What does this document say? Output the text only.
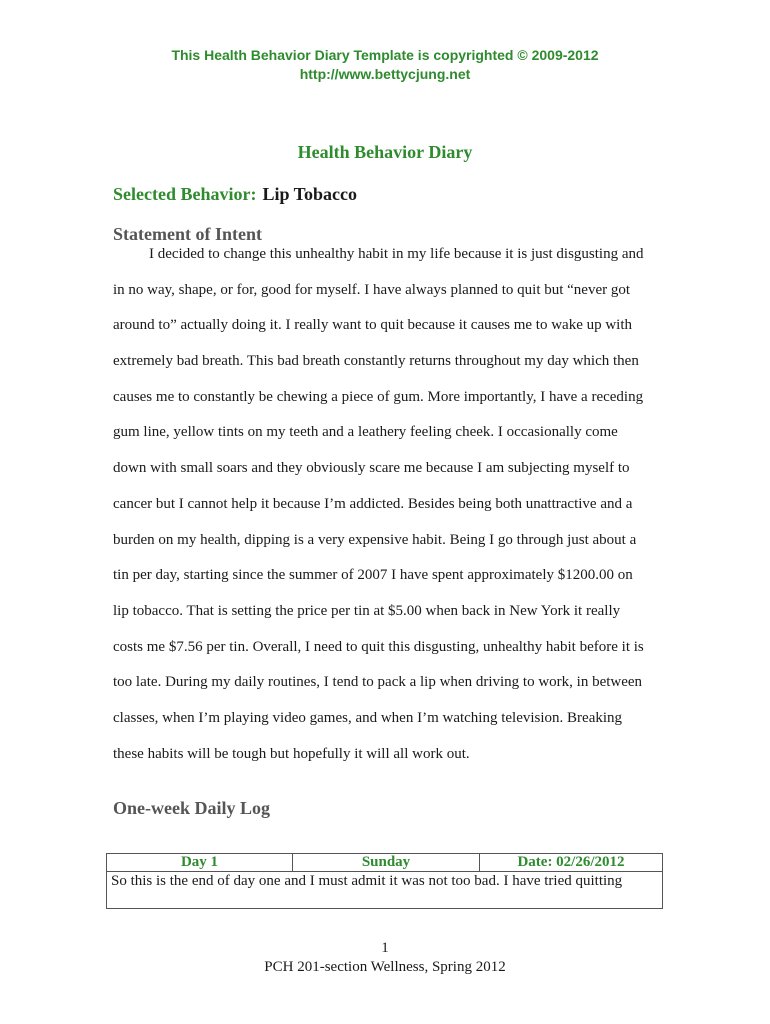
This Health Behavior Diary Template is copyrighted © 2009-2012
http://www.bettycjung.net
Health Behavior Diary
Selected Behavior: Lip Tobacco
Statement of Intent
I decided to change this unhealthy habit in my life because it is just disgusting and
in no way, shape, or for, good for myself. I have always planned to quit but “never got
around to” actually doing it. I really want to quit because it causes me to wake up with
extremely bad breath. This bad breath constantly returns throughout my day which then
causes me to constantly be chewing a piece of gum. More importantly, I have a receding
gum line, yellow tints on my teeth and a leathery feeling cheek. I occasionally come
down with small soars and they obviously scare me because I am subjecting myself to
cancer but I cannot help it because I’m addicted. Besides being both unattractive and a
burden on my health, dipping is a very expensive habit. Being I go through just about a
tin per day, starting since the summer of 2007 I have spent approximately $1200.00 on
lip tobacco. That is setting the price per tin at $5.00 when back in New York it really
costs me $7.56 per tin. Overall, I need to quit this disgusting, unhealthy habit before it is
too late. During my daily routines, I tend to pack a lip when driving to work, in between
classes, when I’m playing video games, and when I’m watching television. Breaking
these habits will be tough but hopefully it will all work out.
One-week Daily Log
Day 1	Sunday	Date: 02/26/2012
So this is the end of day one and I must admit it was not too bad. I have tried quitting
1
PCH 201-section Wellness, Spring 2012
